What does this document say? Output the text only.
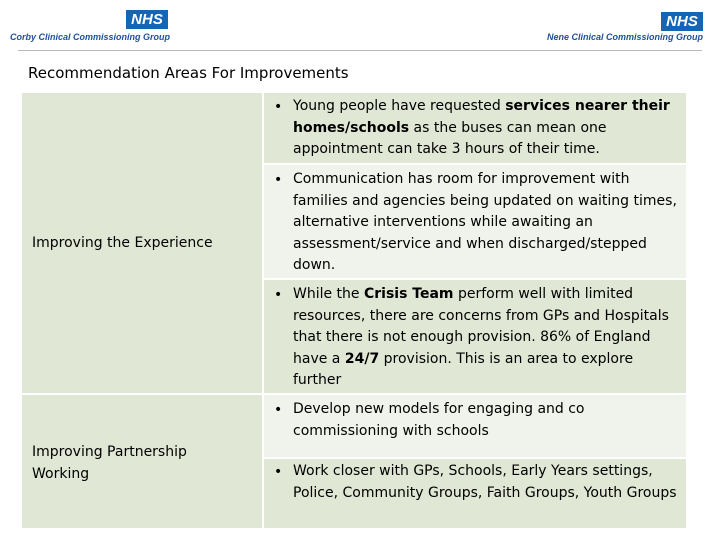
NHS
Corby Clinical Commissioning Group
NHS
Nene Clinical Commissioning Group
Recommendation Areas For Improvements
Improving the Experience
Improving Partnership Working
• Young people have requested services nearer their homes/schools as the buses can mean one appointment can take 3 hours of their time.
• Communication has room for improvement with families and agencies being updated on waiting times, alternative interventions while awaiting an assessment/service and when discharged/stepped down.
• While the Crisis Team perform well with limited resources, there are concerns from GPs and Hospitals that there is not enough provision. 86% of England have a 24/7 provision. This is an area to explore further
• Develop new models for engaging and co commissioning with schools
• Work closer with GPs, Schools, Early Years settings, Police, Community Groups, Faith Groups, Youth Groups
